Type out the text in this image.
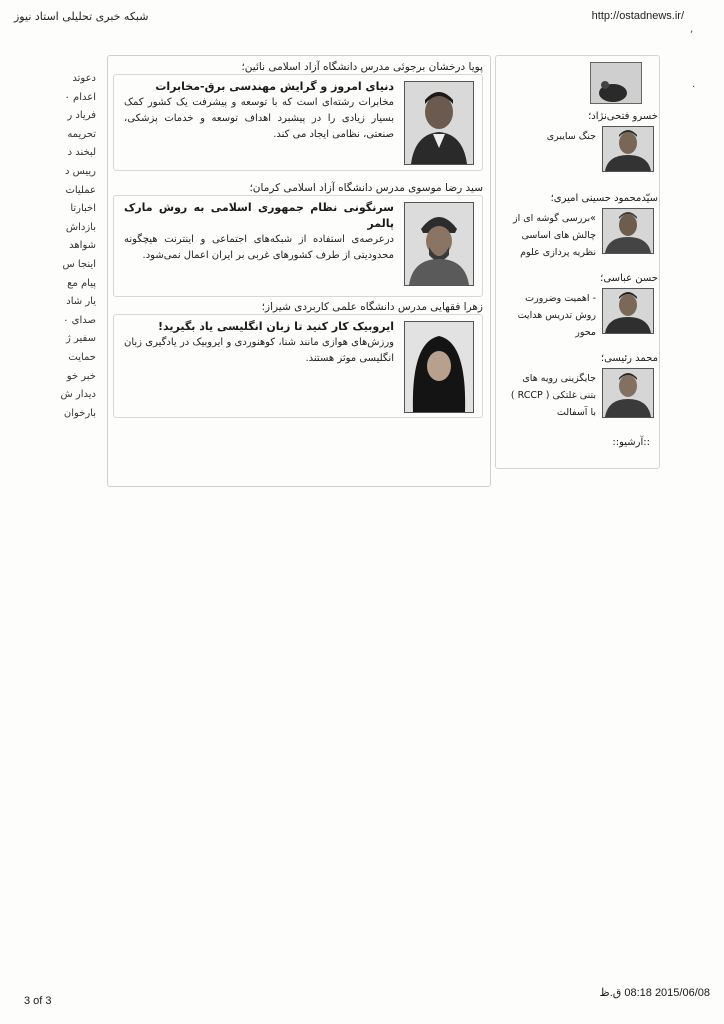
شبکه خبری تحلیلی استاد نیوز	http://ostadnews.ir/
دعوتد
اعدام ٠
فریاد ر
تحریمه
لبخند د
رییس د
عملیات
اخبارتا
بازداش
شواهد
اینجا س
پیام مع
یار شاد
صدای ٠
سفیر ژ
حمایت
خبر خو
دیدار ش
بارخوان
پویا درخشان برجوئی مدرس دانشگاه آزاد اسلامی نائین؛
دنیای امروز و گرایش مهندسی برق-مخابرات
مخابرات رشته‌ای است که با توسعه و پیشرفت یک کشور کمک بسیار زیادی را در پیشبرد اهداف توسعه و خدمات پزشکی، صنعتی، نظامی ایجاد می کند.
سید رضا موسوی مدرس دانشگاه آزاد اسلامی کرمان؛
سرنگونی نظام جمهوری اسلامی به روش مارک پالمر
درعرصه‌ی استفاده از شبکه‌های اجتماعی و اینترنت هیچگونه محدودیتی از طرف کشورهای غربی بر ایران اعمال نمی‌شود.
زهرا فقهایی مدرس دانشگاه علمی کاربردی شیراز؛
ایروبیک کار کنید تا زبان انگلیسی یاد بگیرید!
ورزش‌های هوازی مانند شنا، کوهنوردی و ایروبیک در یادگیری زبان انگلیسی موثر هستند.
خسرو فتحی‌نژاد؛
جنگ سایبری
سیّدمحمود حسینی امیری؛
»بررسی گوشه ای از چالش های اساسی نظریه پردازی علوم
حسن عباسی؛
- اهمیت وضرورت روش تدریس هدایت محور
محمد رئیسی؛
جایگزینی رویه های بتنی غلتکی ( RCCP ) با آسفالت
::آرشیو::
,
·
3 of 3
2015/06/08 08:18 ق.ظ
